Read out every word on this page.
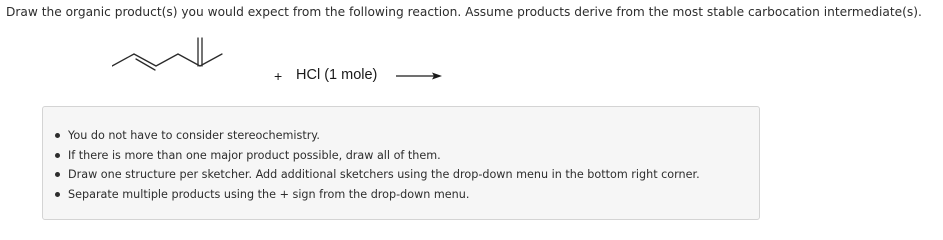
Draw the organic product(s) you would expect from the following reaction. Assume products derive from the most stable carbocation intermediate(s).
+ HCl (1 mole) →
You do not have to consider stereochemistry.
If there is more than one major product possible, draw all of them.
Draw one structure per sketcher. Add additional sketchers using the drop-down menu in the bottom right corner.
Separate multiple products using the + sign from the drop-down menu.
